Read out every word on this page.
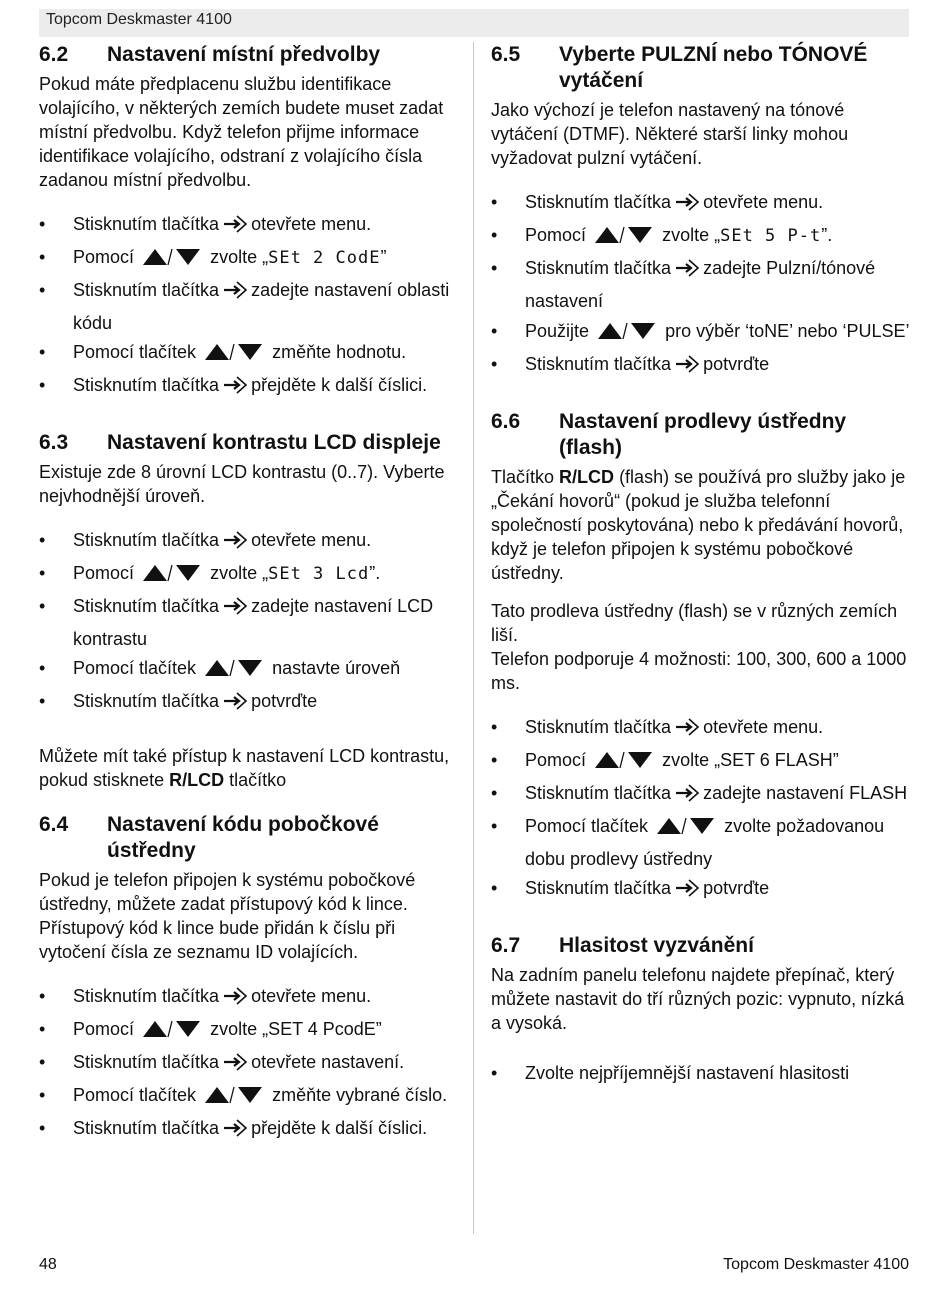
Topcom Deskmaster 4100
6.2	Nastavení místní předvolby

Pokud máte předplacenu službu identifikace volajícího, v některých zemích budete muset zadat místní předvolbu. Když telefon přijme informace identifikace volajícího, odstraní z volajícího čísla zadanou místní předvolbu.

• Stisknutím tlačítka otevřete menu.
• Pomocí	zvolte „SEt 2 CodE”
• Stisknutím tlačítka zadejte nastavení oblasti kódu
• Pomocí tlačítek	změňte hodnotu.
• Stisknutím tlačítka přejděte k další číslici.
6.3	Nastavení kontrastu LCD displeje

Existuje zde 8 úrovní LCD kontrastu (0..7). Vyberte nejvhodnější úroveň.

• Stisknutím tlačítka otevřete menu.
• Pomocí	zvolte „SEt 3 Lcd”.
• Stisknutím tlačítka zadejte nastavení LCD kontrastu
• Pomocí tlačítek	nastavte úroveň
• Stisknutím tlačítka potvrďte

Můžete mít také přístup k nastavení LCD kontrastu, pokud stisknete R/LCD tlačítko

6.4	Nastavení kódu pobočkové ústředny

Pokud je telefon připojen k systému pobočkové ústředny, můžete zadat přístupový kód k lince. Přístupový kód k lince bude přidán k číslu při vytočení čísla ze seznamu ID volajících.

• Stisknutím tlačítka otevřete menu.
• Pomocí	zvolte „SET 4 PcodE”
• Stisknutím tlačítka otevřete nastavení.
• Pomocí tlačítek	změňte vybrané číslo.
• Stisknutím tlačítka přejděte k další číslici.
6.5	Vyberte PULZNÍ nebo TÓNOVÉ vytáčení

Jako výchozí je telefon nastavený na tónové vytáčení (DTMF). Některé starší linky mohou vyžadovat pulzní vytáčení.

• Stisknutím tlačítka otevřete menu.
• Pomocí	zvolte „SEt 5 P-t”.
• Stisknutím tlačítka zadejte Pulzní/tónové nastavení
• Použijte	pro výběr ‘toNE’ nebo ‘PULSE’
• Stisknutím tlačítka potvrďte
6.6	Nastavení prodlevy ústředny (flash)

Tlačítko R/LCD (flash) se používá pro služby jako je „Čekání hovorů“ (pokud je služba telefonní společností poskytována) nebo k předávání hovorů, když je telefon připojen k systému pobočkové ústředny.

Tato prodleva ústředny (flash) se v různých zemích liší.

Telefon podporuje 4 možnosti: 100, 300, 600 a 1000 ms.

• Stisknutím tlačítka otevřete menu.
• Pomocí	zvolte „SET 6 FLASH”
• Stisknutím tlačítka zadejte nastavení FLASH
• Pomocí tlačítek	zvolte požadovanou dobu prodlevy ústředny
• Stisknutím tlačítka potvrďte
6.7	Hlasitost vyzvánění

Na zadním panelu telefonu najdete přepínač, který můžete nastavit do tří různých pozic: vypnuto, nízká a vysoká.

• Zvolte nejpříjemnější nastavení hlasitosti
48	Topcom Deskmaster 4100
